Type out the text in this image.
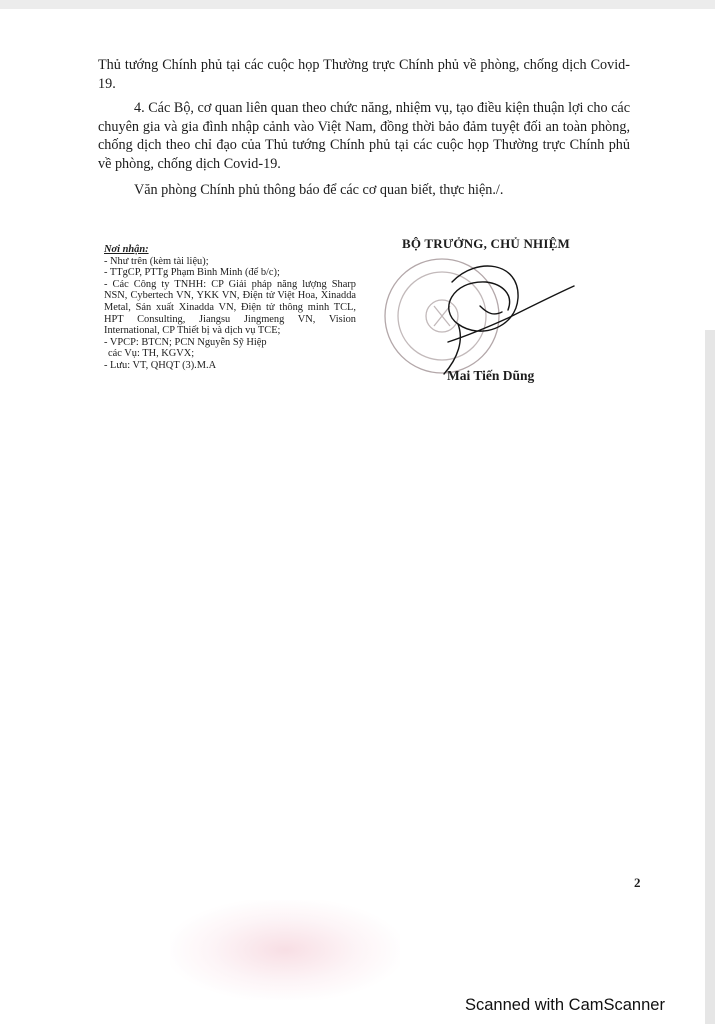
Thủ tướng Chính phủ tại các cuộc họp Thường trực Chính phủ về phòng, chống dịch Covid-19.

4. Các Bộ, cơ quan liên quan theo chức năng, nhiệm vụ, tạo điều kiện thuận lợi cho các chuyên gia và gia đình nhập cảnh vào Việt Nam, đồng thời bảo đảm tuyệt đối an toàn phòng, chống dịch theo chỉ đạo của Thủ tướng Chính phủ tại các cuộc họp Thường trực Chính phủ về phòng, chống dịch Covid-19.

Văn phòng Chính phủ thông báo để các cơ quan biết, thực hiện./.

Nơi nhận:

- Như trên (kèm tài liệu);

- TTgCP, PTTg Phạm Bình Minh (để b/c);

- Các Công ty TNHH: CP Giải pháp năng lượng Sharp NSN, Cybertech VN, YKK VN, Điện tử Việt Hoa, Xinadda Metal, Sản xuất Xinadda VN, Điện tử thông minh TCL, HPT Consulting, Jiangsu Jingmeng VN, Vision International, CP Thiết bị và dịch vụ TCE;

- VPCP: BTCN; PCN Nguyễn Sỹ Hiệp

các Vụ: TH, KGVX;

- Lưu: VT, QHQT (3).M.A

BỘ TRƯỞNG, CHỦ NHIỆM
Mai Tiến Dũng
2
Scanned with CamScanner
